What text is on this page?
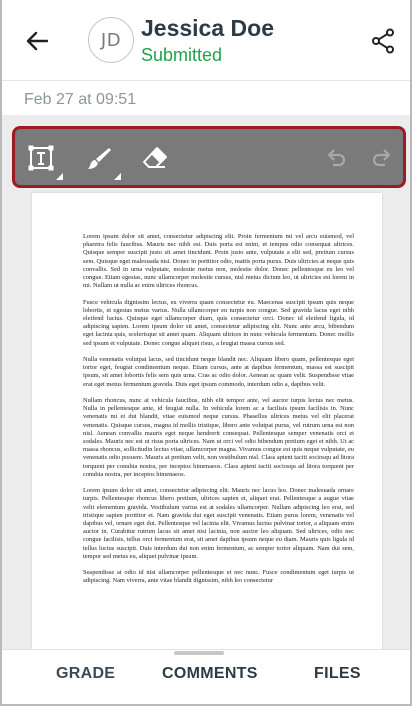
JD Jessica Doe
Submitted
Feb 27 at 09:51

Lorem ipsum dolor sit amet, consectetur adipiscing elit. Proin fermentum mi vel arcu euismod, vel pharetra felis faucibus. Mauris nec nibh est. Duis porta est enim, et tempus odio consequat ultrices. Quisque semper suscipit justo sit amet tincidunt. Proin justo ante, vulputate a elit sed, pretium cursus sem. Quisque eget malesuada nisi. Donec in porttitor odio, mattis porta purus. Duis ultricies at neque quis convallis. Sed in urna vulputate, molestie metus non, molestie dolor. Donec pellentesque eu leo vel congue. Etiam egestas, nunc ullamcorper molestie cursus, nisl metus dictum leo, ut ultricies est lorem in mi. Nullam ut nulla ac enim ultrices rhoncus.

Fusce vehicula dignissim lectus, eu viverra quam consectetur eu. Maecenas suscipit ipsum quis neque lobortis, et egestas metus varius. Nulla ullamcorper eu turpis non congue. Sed gravida lacus eget nibh eleifend luctus. Quisque eget ullamcorper diam, quis consectetur orci. Donec id eleifend ligula, id adipiscing sapien. Lorem ipsum dolor sit amet, consectetur adipiscing elit. Nunc ante arcu, bibendum eget lacinia quis, scelerisque sit amet quam. Aliquam ultrices in nunc vehicula fermentum. Donec mollis sed ipsum et vulputate. Donec congue aliquet risus, a feugiat massa cursus sed.

Nulla venenatis volutpat lacus, sed tincidunt neque blandit nec. Aliquam libero quam, pellentesque eget tortor eget, feugiat condimentum neque. Etiam cursus, ante at dapibus fermentum, massa est suscipit ipsum, sit amet lobortis felis sem quis urna. Cras ac odio dolor. Aenean ac quam velit. Suspendisse vitae erat eget metus fermentum gravida. Duis eget ipsum commodo, interdum odio a, dapibus velit.

Nullam rhoncus, nunc at vehicula faucibus, nibh elit tempor ante, vel auctor turpis lectus nec metus. Nulla in pellentesque ante, id feugiat nulla. In vehicula lorem ac a facilisis ipsum facilisis in. Nunc venenatis mi et dui blandit, vitae euismod neque cursus. Phasellus ultrices metus vel elit placerat venenatis. Quisque cursus, magna id mollis tristique, libero ante volutpat purus, vel rutrum urna est non nisl. Aenean convallis mauris eget neque hendrerit consequat. Pellentesque semper venenatis orci et sodales. Mauris nec est ut risus porta ultrices. Nam ut orci vel odio bibendum pretium eget et nibh. Ut ac massa rhoncus, sollicitudin lectus vitae, ullamcorper magna. Vivamus congue est quis neque vulputate, eu venenatis odio posuere. Mauris at pretium velit, non vestibulum nisl. Class aptent taciti sociosqu ad litora torquent per conubia nostra, per inceptos himenaeos. Class aptent taciti sociosqu ad litora torquent per conubia nostra, per inceptos himenaeos.

Lorem ipsum dolor sit amet, consectetur adipiscing elit. Mauris nec lacus leo. Donec malesuada ornare turpis. Pellentesque rhoncus libero pretium, ultrices sapien et, aliquet erat. Pellentesque a augue vitae velit elementum gravida. Vestibulum varius est at sodales ullamcorper. Nullam adipiscing leo erat, sed tristique sapien porttitor et. Nam gravida dui eget suscipit venenatis. Etiam purus lorem, venenatis vel dapibus vel, ornare eget dui. Pellentesque vel lacinia elit. Vivamus luctus pulvinar tortor, a aliquam enim auctor in. Curabitur rutrum lacus sit amet nisi lacinia, non auctor leo aliquam. Sed ultrices, odio nec congue facilisis, tellus orci fermentum erat, sit amet dapibus ipsum neque eu diam. Mauris quis ligula id tellus luctus suscipit. Duis interdum dui non enim fermentum, ac semper tortor aliquam. Nam dui sem, tempor sed metus eu, aliquet pulvinar ipsum.

Suspendisse at odio id nisi ullamcorper pellentesque et nec nunc. Fusce condimentum eget turpis ut adipiscing. Nam viverra, ante vitae blandit dignissim, nibh leo consectetur

GRADE	COMMENTS	FILES
